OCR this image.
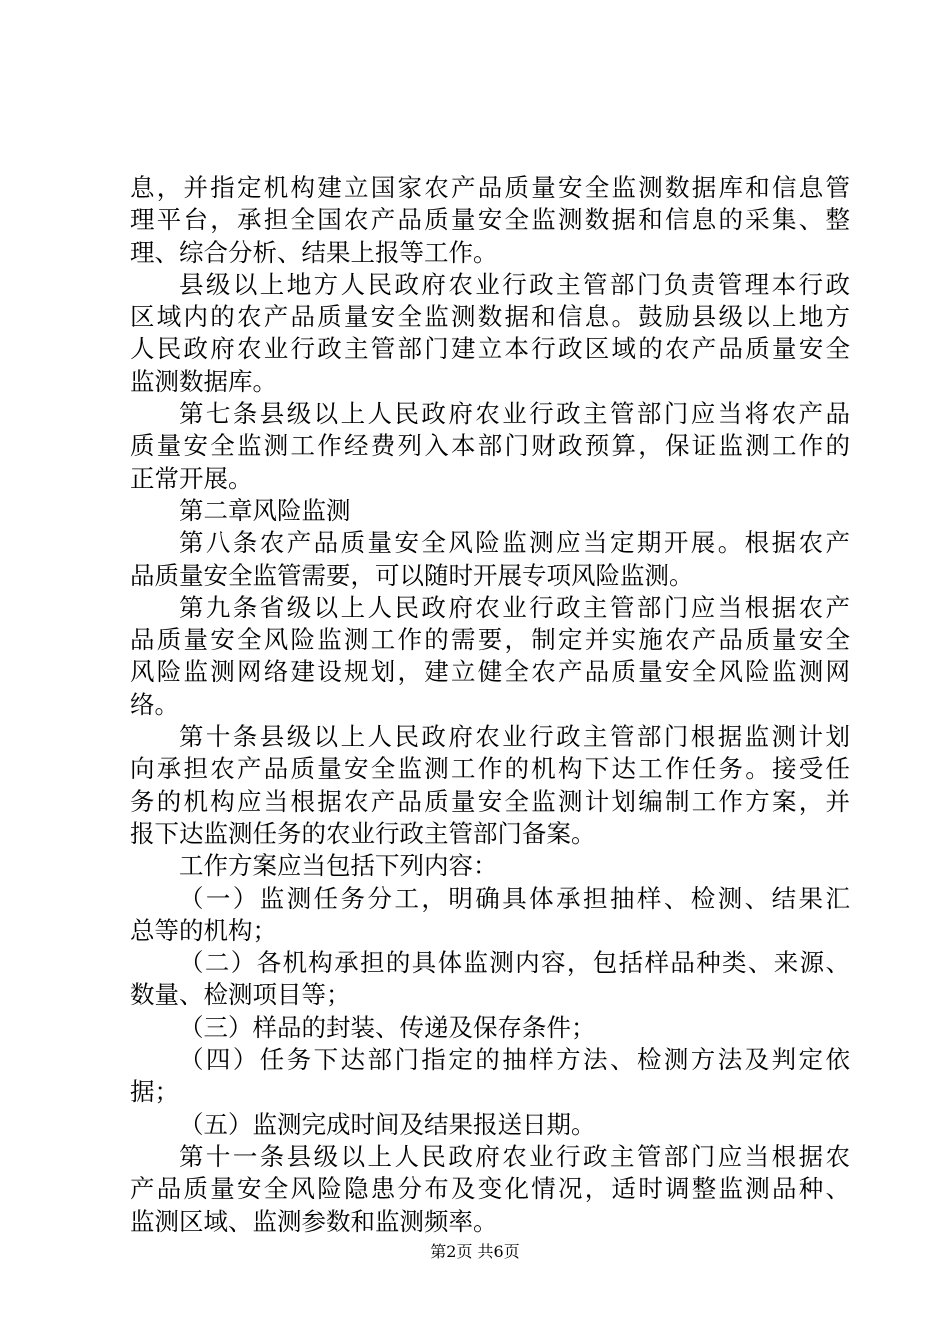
息，并指定机构建立国家农产品质量安全监测数据库和信息管
理平台，承担全国农产品质量安全监测数据和信息的采集、整
理、综合分析、结果上报等工作。
县级以上地方人民政府农业行政主管部门负责管理本行政
区域内的农产品质量安全监测数据和信息。鼓励县级以上地方
人民政府农业行政主管部门建立本行政区域的农产品质量安全
监测数据库。
第七条县级以上人民政府农业行政主管部门应当将农产品
质量安全监测工作经费列入本部门财政预算，保证监测工作的
正常开展。
第二章风险监测
第八条农产品质量安全风险监测应当定期开展。根据农产
品质量安全监管需要，可以随时开展专项风险监测。
第九条省级以上人民政府农业行政主管部门应当根据农产
品质量安全风险监测工作的需要，制定并实施农产品质量安全
风险监测网络建设规划，建立健全农产品质量安全风险监测网
络。
第十条县级以上人民政府农业行政主管部门根据监测计划
向承担农产品质量安全监测工作的机构下达工作任务。接受任
务的机构应当根据农产品质量安全监测计划编制工作方案，并
报下达监测任务的农业行政主管部门备案。
工作方案应当包括下列内容：
（一）监测任务分工，明确具体承担抽样、检测、结果汇
总等的机构；
（二）各机构承担的具体监测内容，包括样品种类、来源、
数量、检测项目等；
（三）样品的封装、传递及保存条件；
（四）任务下达部门指定的抽样方法、检测方法及判定依
据；
（五）监测完成时间及结果报送日期。
第十一条县级以上人民政府农业行政主管部门应当根据农
产品质量安全风险隐患分布及变化情况，适时调整监测品种、
监测区域、监测参数和监测频率。
第2页 共6页
